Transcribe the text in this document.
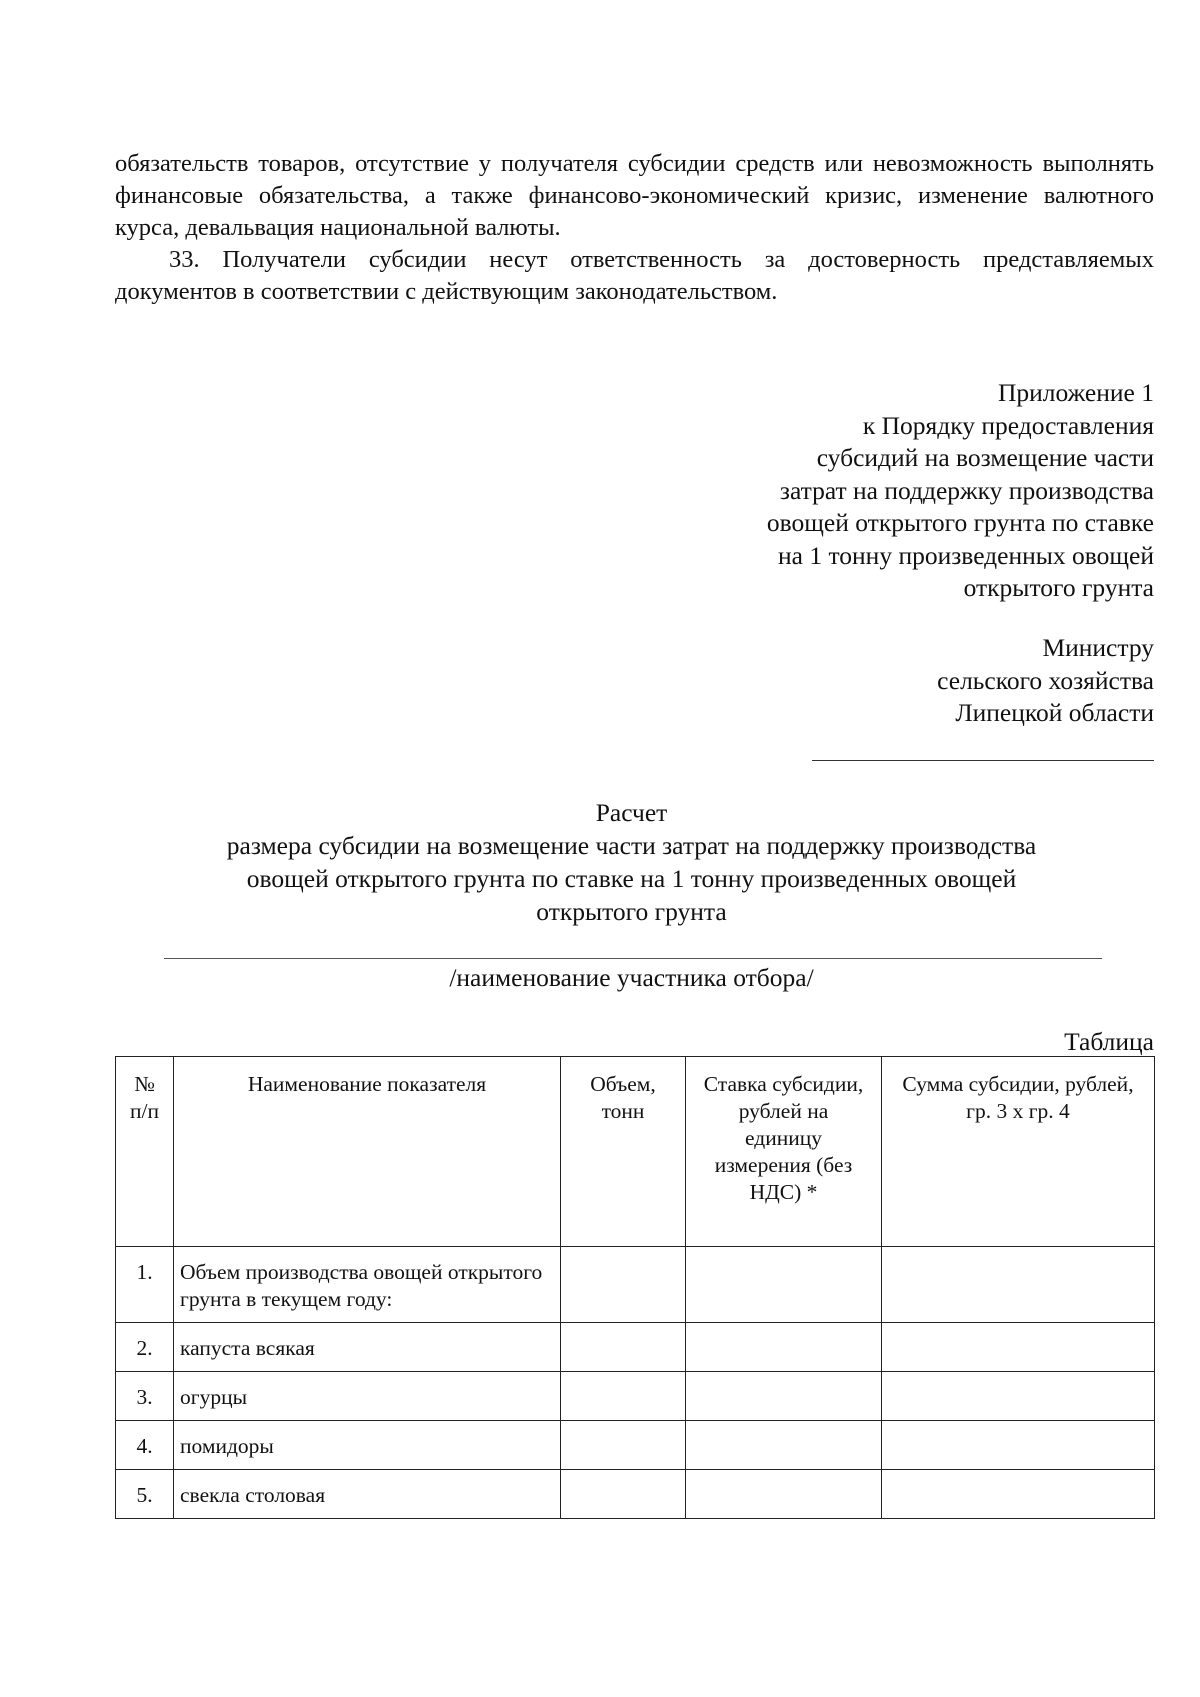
обязательств товаров, отсутствие у получателя субсидии средств или невозможность выполнять финансовые обязательства, а также финансово-экономический кризис, изменение валютного курса, девальвация национальной валюты.

33. Получатели субсидии несут ответственность за достоверность представляемых документов в соответствии с действующим законодательством.

Приложение 1
к Порядку предоставления
субсидий на возмещение части
затрат на поддержку производства
овощей открытого грунта по ставке
на 1 тонну произведенных овощей
открытого грунта
Министру
сельского хозяйства
Липецкой области
Расчет
размера субсидии на возмещение части затрат на поддержку производства
овощей открытого грунта по ставке на 1 тонну произведенных овощей
открытого грунта
/наименование участника отбора/
Таблица
№ п/п	Наименование показателя	Объем, тонн	Ставка субсидии, рублей на единицу измерения (без НДС) *	Сумма субсидии, рублей, гр. 3 х гр. 4

1.	Объем производства овощей открытого грунта в текущем году:			
2.	капуста всякая			
3.	огурцы			
4.	помидоры			
5.	свекла столовая			
